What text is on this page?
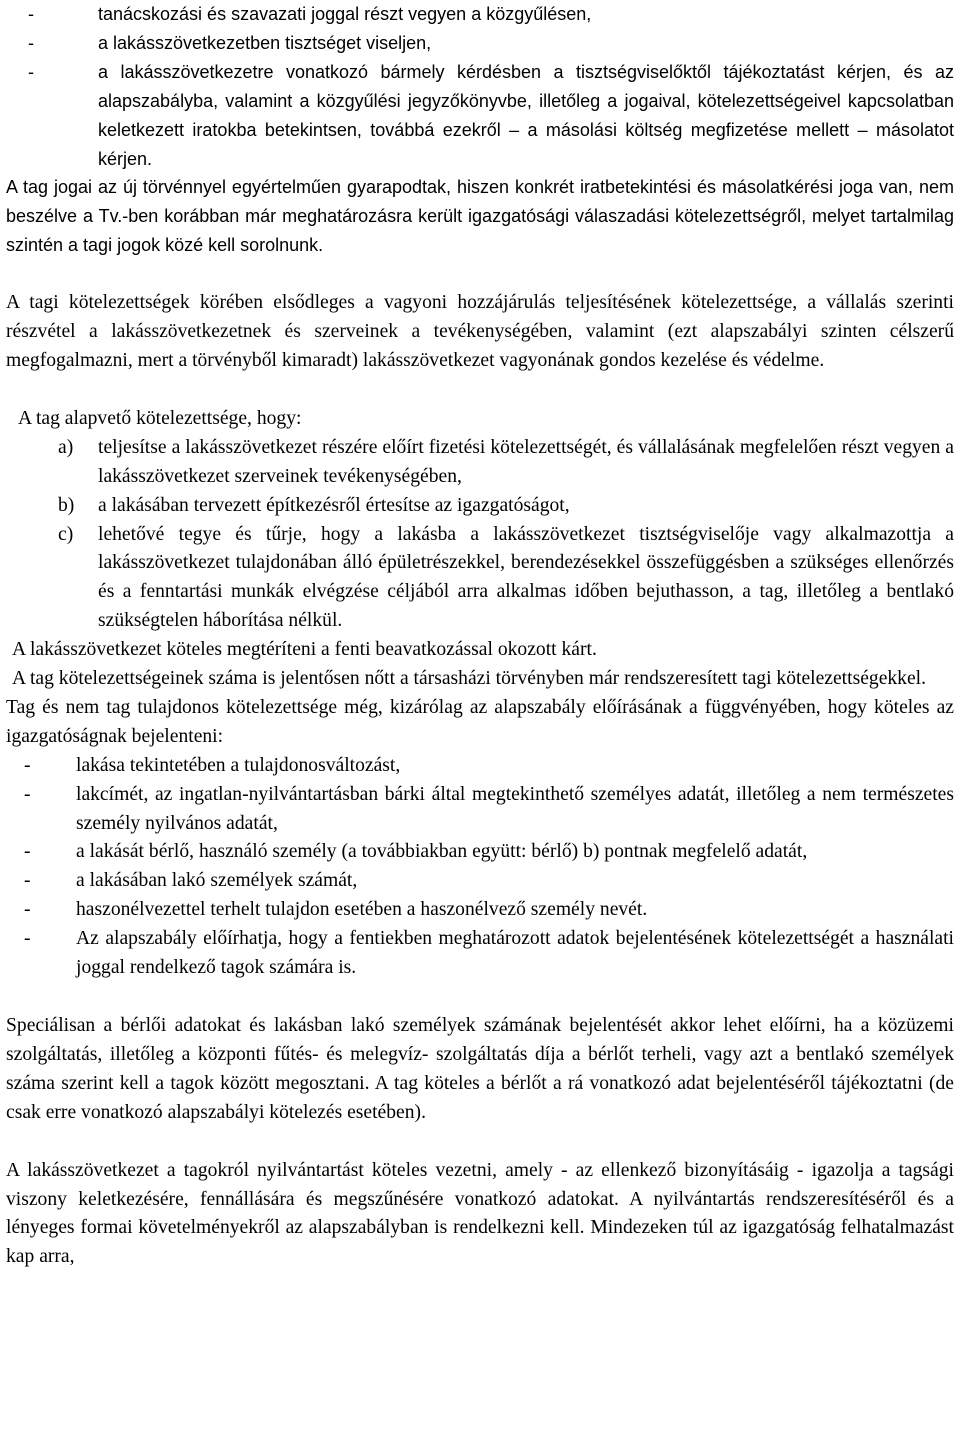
-	tanácskozási és szavazati joggal részt vegyen a közgyűlésen,
-	a lakásszövetkezetben tisztséget viseljen,
-	a lakásszövetkezetre vonatkozó bármely kérdésben a tisztségviselőktől tájékoztatást kérjen, és az alapszabályba, valamint a közgyűlési jegyzőkönyvbe, illetőleg a jogaival, kötelezettségeivel kapcsolatban keletkezett iratokba betekintsen, továbbá ezekről – a másolási költség megfizetése mellett – másolatot kérjen.

A tag jogai az új törvénnyel egyértelműen gyarapodtak, hiszen konkrét iratbetekintési és másolatkérési joga van, nem beszélve a Tv.-ben korábban már meghatározásra került igazgatósági válaszadási kötelezettségről, melyet tartalmilag szintén a tagi jogok közé kell sorolnunk.

A tagi kötelezettségek körében elsődleges a vagyoni hozzájárulás teljesítésének kötelezettsége, a vállalás szerinti részvétel a lakásszövetkezetnek és szerveinek a tevékenységében, valamint (ezt alapszabályi szinten célszerű megfogalmazni, mert a törvényből kimaradt) lakásszövetkezet vagyonának gondos kezelése és védelme.

A tag alapvető kötelezettsége, hogy:

a)	teljesítse a lakásszövetkezet részére előírt fizetési kötelezettségét, és vállalásának megfelelően részt vegyen a lakásszövetkezet szerveinek tevékenységében,
b)	a lakásában tervezett építkezésről értesítse az igazgatóságot,
c)	lehetővé tegye és tűrje, hogy a lakásba a lakásszövetkezet tisztségviselője vagy alkalmazottja a lakásszövetkezet tulajdonában álló épületrészekkel, berendezésekkel összefüggésben a szükséges ellenőrzés és a fenntartási munkák elvégzése céljából arra alkalmas időben bejuthasson, a tag, illetőleg a bentlakó szükségtelen háborítása nélkül.

A lakásszövetkezet köteles megtéríteni a fenti beavatkozással okozott kárt.

A tag kötelezettségeinek száma is jelentősen nőtt a társasházi törvényben már rendszeresített tagi kötelezettségekkel.

Tag és nem tag tulajdonos kötelezettsége még, kizárólag az alapszabály előírásának a függvényében, hogy köteles az igazgatóságnak bejelenteni:

-	lakása tekintetében a tulajdonosváltozást,
-	lakcímét, az ingatlan-nyilvántartásban bárki által megtekinthető személyes adatát, illetőleg a nem természetes személy nyilvános adatát,
-	a lakását bérlő, használó személy (a továbbiakban együtt: bérlő) b) pontnak megfelelő adatát,
-	a lakásában lakó személyek számát,
-	haszonélvezettel terhelt tulajdon esetében a haszonélvező személy nevét.
-	Az alapszabály előírhatja, hogy a fentiekben meghatározott adatok bejelentésének kötelezettségét a használati joggal rendelkező tagok számára is.

Speciálisan a bérlői adatokat és lakásban lakó személyek számának bejelentését akkor lehet előírni, ha a közüzemi szolgáltatás, illetőleg a központi fűtés- és melegvíz- szolgáltatás díja a bérlőt terheli, vagy azt a bentlakó személyek száma szerint kell a tagok között megosztani. A tag köteles a bérlőt a rá vonatkozó adat bejelentéséről tájékoztatni (de csak erre vonatkozó alapszabályi kötelezés esetében).

A lakásszövetkezet a tagokról nyilvántartást köteles vezetni, amely - az ellenkező bizonyításáig - igazolja a tagsági viszony keletkezésére, fennállására és megszűnésére vonatkozó adatokat. A nyilvántartás rendszeresítéséről és a lényeges formai követelményekről az alapszabályban is rendelkezni kell. Mindezeken túl az igazgatóság felhatalmazást kap arra,
